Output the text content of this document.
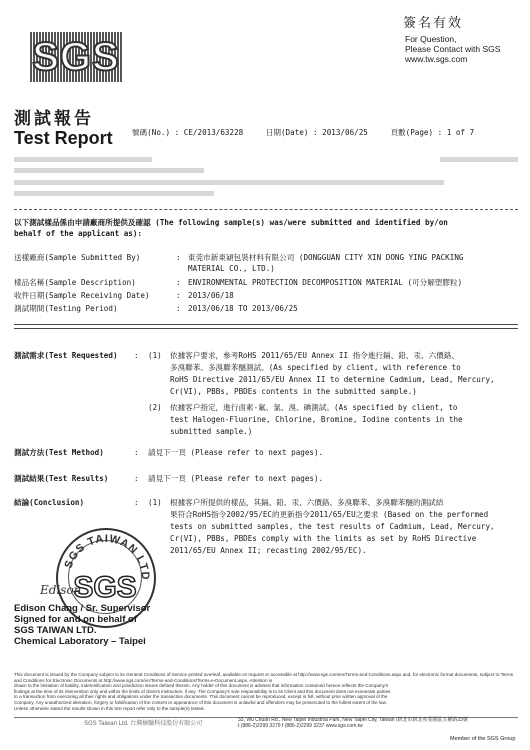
SGS
簽名有效
For Question,
Please Contact with SGS
www.tw.sgs.com
測試報告
Test Report	號碼(No.) : CE/2013/63228	日期(Date) : 2013/06/25	頁數(Page) : 1 of 7
以下測試樣品係由申請廠商所提供及確認 (The following sample(s) was/were submitted and identified by/on
behalf of the applicant as):
送樣廠商(Sample Submitted By)	: 東莞市新東穎包裝材料有限公司 (DONGGUAN CITY XIN DONG YING PACKING
MATERIAL CO., LTD.)
樣品名稱(Sample Description)	: ENVIRONMENTAL PROTECTION DECOMPOSITION MATERIAL (可分解塑膠粒)
收件日期(Sample Receiving Date)	: 2013/06/18
測試期間(Testing Period)	: 2013/06/18 TO 2013/06/25
測試需求(Test Requested) : (1) 依據客户要求，參考RoHS 2011/65/EU Annex II 指令進行鎘、鉛、汞、六價鉻、
多溴聯苯、多溴聯苯醚測試。(As specified by client, with reference to
RoHS Directive 2011/65/EU Annex II to determine Cadmium, Lead, Mercury,
Cr(VI), PBBs, PBDEs contents in the submitted sample.)
(2) 依據客户指定，進行鹵素-氟、氯、溴、碘測試。(As specified by client, to
test Halogen-Fluorine, Chlorine, Bromine, Iodine contents in the
submitted sample.)
測試方法(Test Method)	: 請見下一頁 (Please refer to next pages).
測試結果(Test Results)	: 請見下一頁 (Please refer to next pages).
結論(Conclusion)	: (1) 根據客户所提供的樣品，其鎘、鉛、汞、六價鉻、多溴聯苯、多溴聯苯醚的測試結
果符合RoHS指令2002/95/EC的更新指令2011/65/EU之要求 (Based on the performed
tests on submitted samples, the test results of Cadmium, Lead, Mercury,
Cr(VI), PBBs, PBDEs comply with the limits as set by RoHS Directive
2011/65/EU Annex II; recasting 2002/95/EC).
SGS TAIWAN LTD
SGS
Edison
Edison Chang / Sr. Supervisor
Signed for and on behalf of
SGS TAIWAN LTD.
Chemical Laboratory – Taipei
This document is issued by the Company subject to its General Conditions of Service printed overleaf, available on request or accessible at http://www.sgs.com/en/Terms-and-Conditions.aspx and, for electronic format documents, subject to Terms and Conditions for Electronic Documents at http://www.sgs.com/en/Terms-and-Conditions/Terms-e-Document.aspx. Attention is
drawn to the limitation of liability, indemnification and jurisdiction issues defined therein. Any holder of this document is advised that information contained hereon reflects the Company's
findings at the time of its intervention only and within the limits of client's instruction, if any. The Company's sole responsibility is to its Client and this document does not exonerate parties
to a transaction from exercising all their rights and obligations under the transaction documents. This document cannot be reproduced, except in full, without prior written approval of the
Company. Any unauthorized alteration, forgery or falsification of the content or appearance of this document is unlawful and offenders may be prosecuted to the fullest extent of the law.
Unless otherwise stated the results shown in this test report refer only to the sample(s) tested.
SGS Taiwan Ltd. 台灣檢驗科技股份有限公司
33, Wu Chuan Rd., New Taipei Industrial Park, New Taipei City, Taiwan /新北市新北產業園區五權路33號
t (886-2)2299 3279 f (886-2)2299 3237 www.sgs.com.tw
Member of the SGS Group
